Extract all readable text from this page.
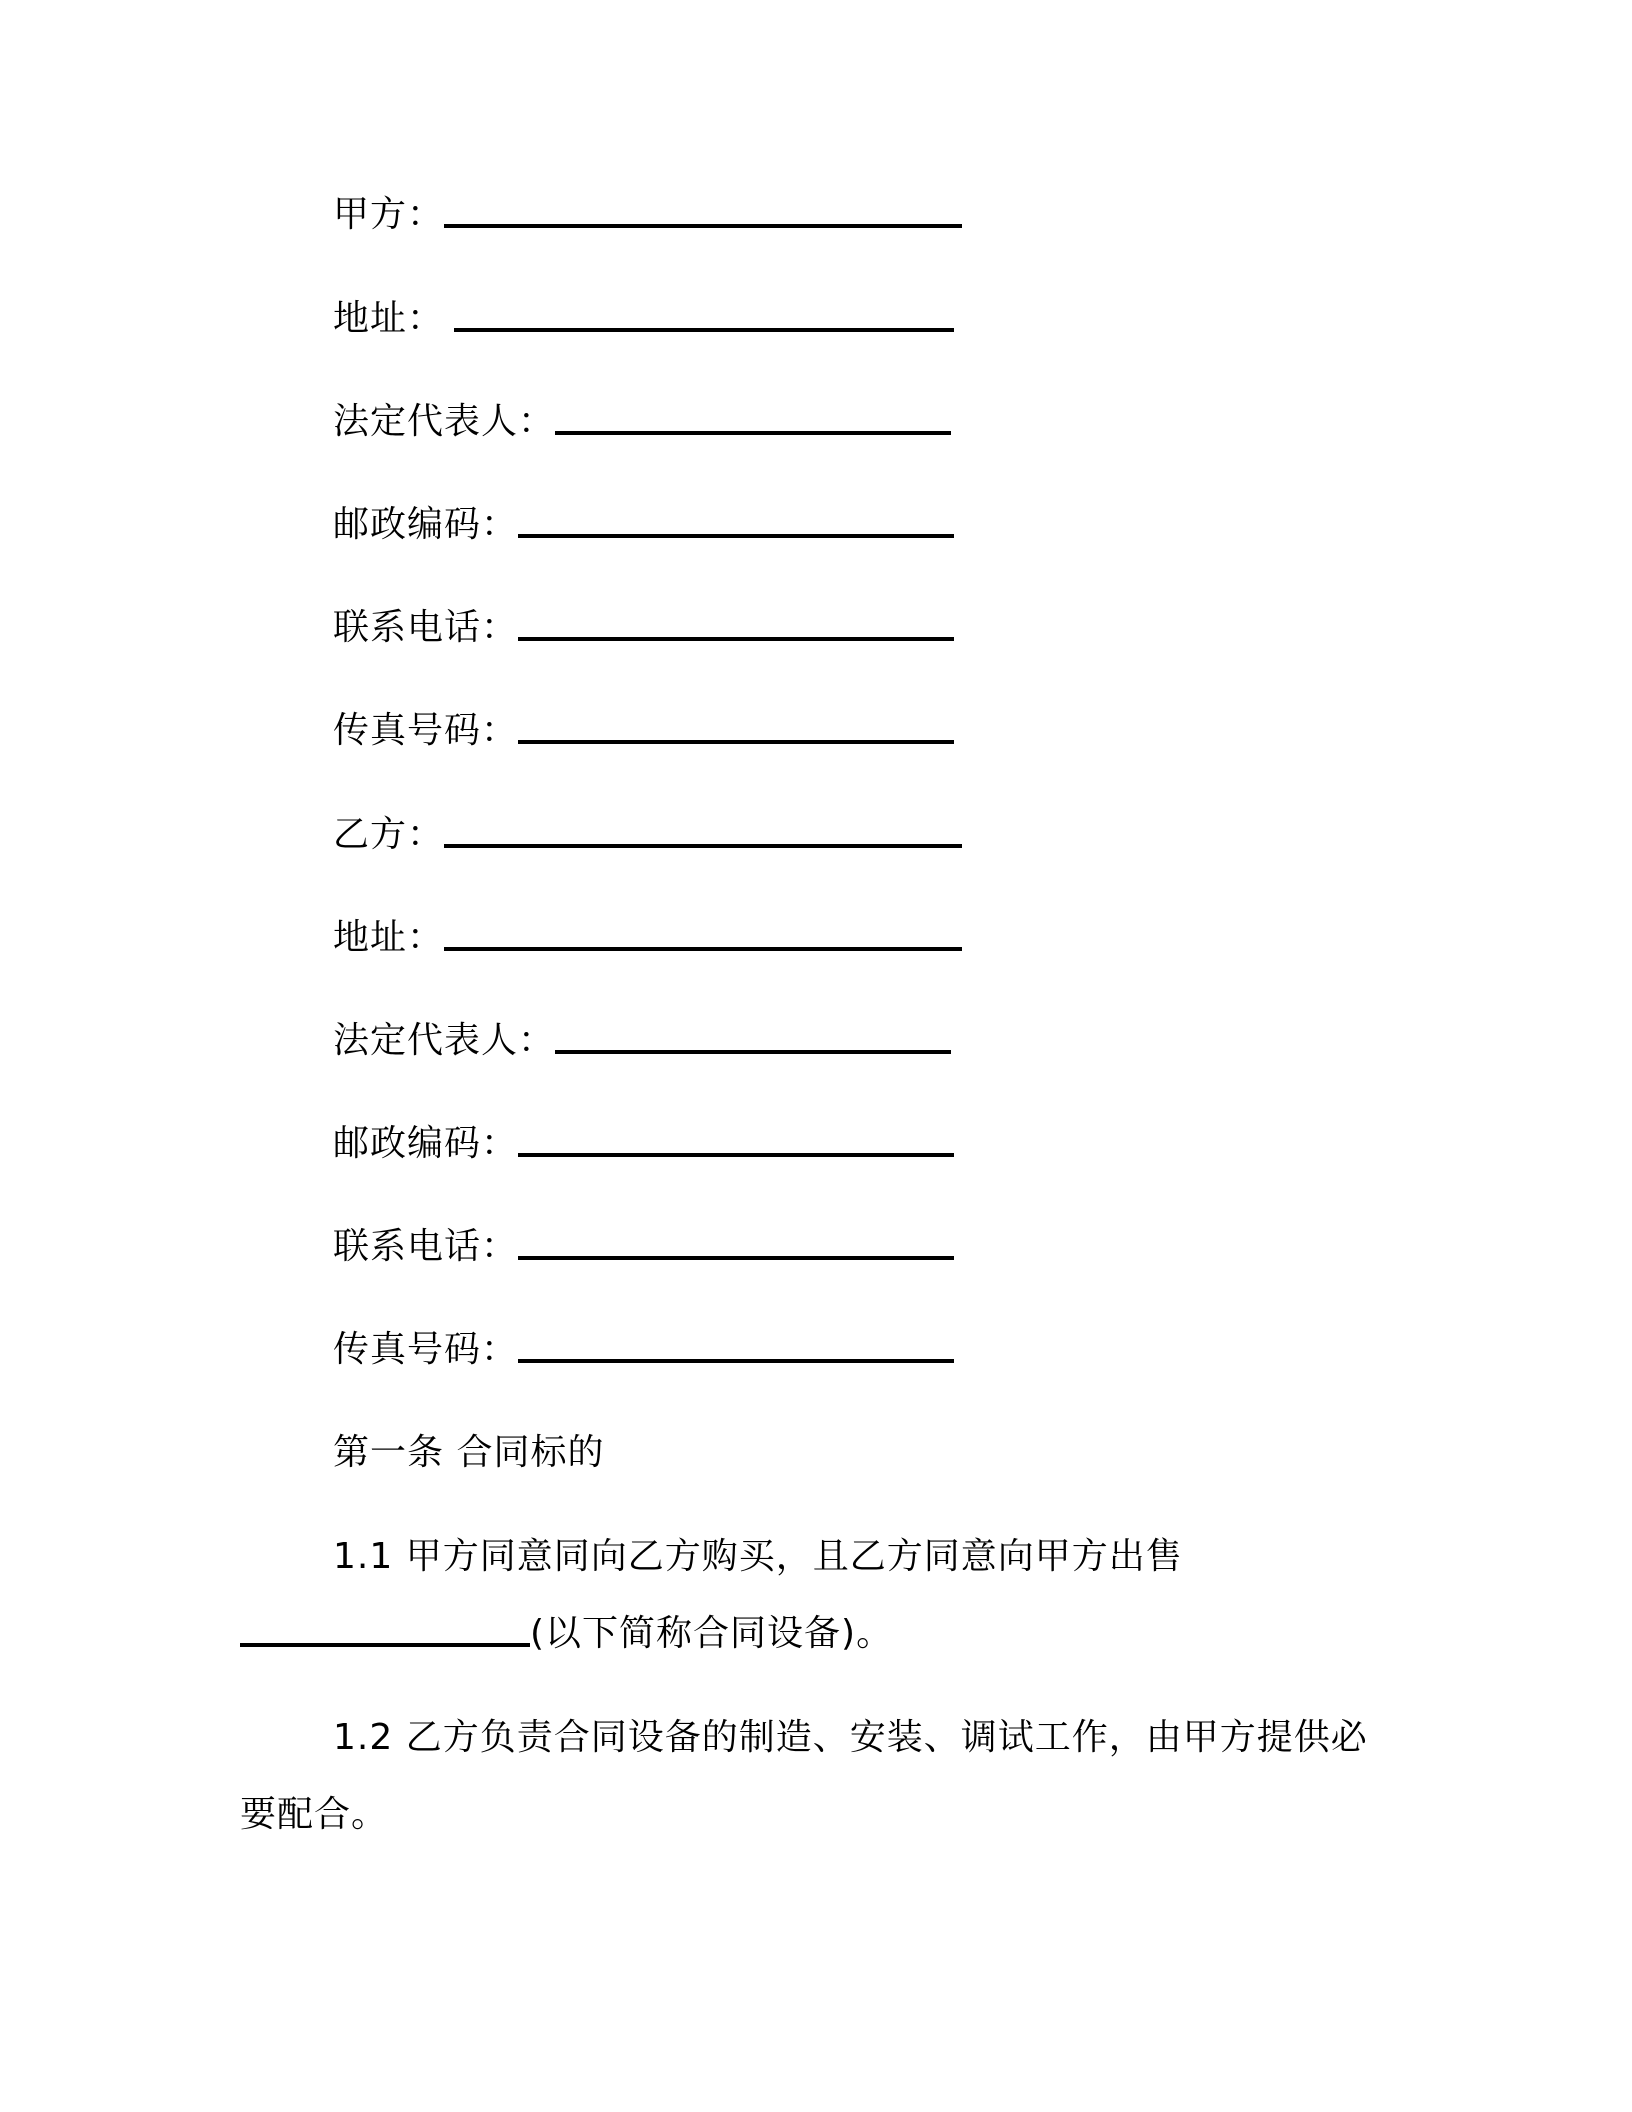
甲方：
地址：
法定代表人：
邮政编码：
联系电话：
传真号码：
乙方：
地址：
法定代表人：
邮政编码：
联系电话：
传真号码：
第一条 合同标的
1.1 甲方同意同向乙方购买，且乙方同意向甲方出售
(以下简称合同设备)。
1.2 乙方负责合同设备的制造、安装、调试工作，由甲方提供必
要配合。
